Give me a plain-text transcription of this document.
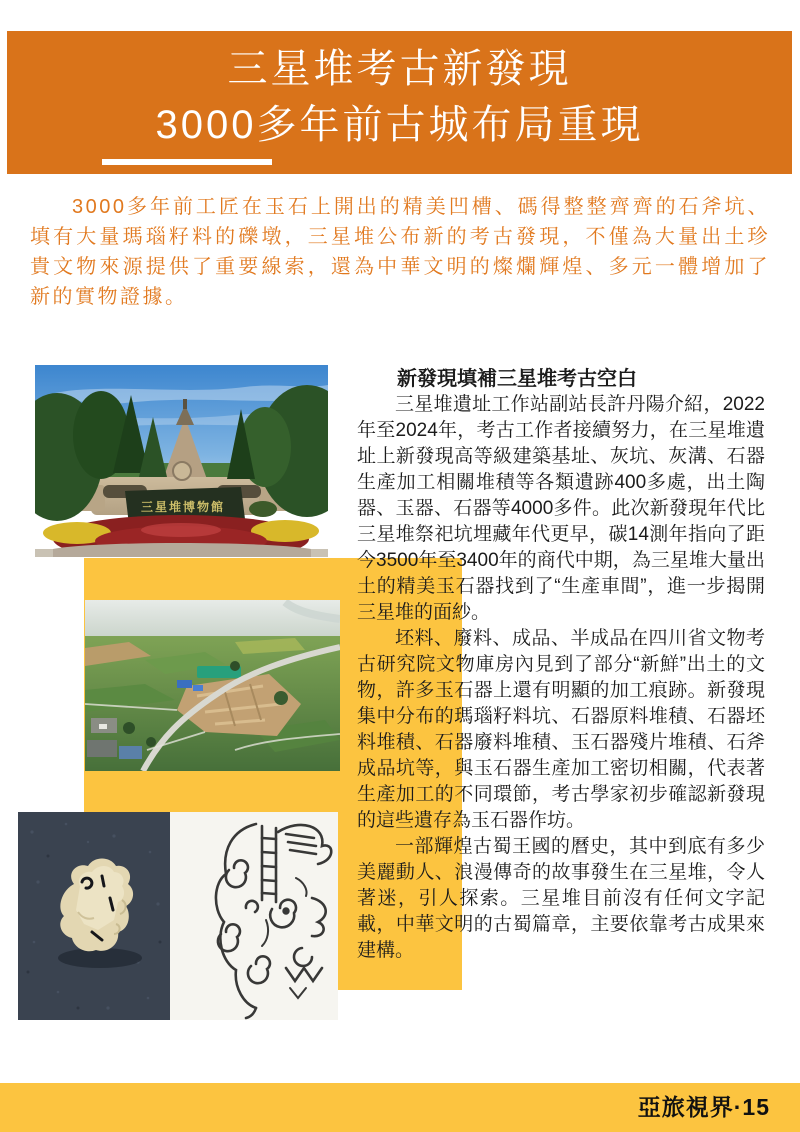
三星堆考古新發現
3000多年前古城布局重現
3000多年前工匠在玉石上開出的精美凹槽、碼得整整齊齊的石斧坑、填有大量瑪瑙籽料的礫墩，三星堆公布新的考古發現，不僅為大量出土珍貴文物來源提供了重要線索，還為中華文明的燦爛輝煌、多元一體增加了新的實物證據。
新發現填補三星堆考古空白

三星堆遺址工作站副站長許丹陽介紹，2022年至2024年，考古工作者接續努力，在三星堆遺址上新發現高等級建築基址、灰坑、灰溝、石器生產加工相關堆積等各類遺跡400多處，出土陶器、玉器、石器等4000多件。此次新發現年代比三星堆祭祀坑埋藏年代更早，碳14測年指向了距今3500年至3400年的商代中期，為三星堆大量出土的精美玉石器找到了“生產車間”，進一步揭開三星堆的面紗。

坯料、廢料、成品、半成品在四川省文物考古研究院文物庫房內見到了部分“新鮮”出土的文物，許多玉石器上還有明顯的加工痕跡。新發現集中分布的瑪瑙籽料坑、石器原料堆積、石器坯料堆積、石器廢料堆積、玉石器殘片堆積、石斧成品坑等，與玉石器生產加工密切相關，代表著生產加工的不同環節，考古學家初步確認新發現的這些遺存為玉石器作坊。

一部輝煌古蜀王國的曆史，其中到底有多少美麗動人、浪漫傳奇的故事發生在三星堆，令人著迷，引人探索。三星堆目前沒有任何文字記載，中華文明的古蜀篇章，主要依靠考古成果來建構。

三星堆博物館
亞旅視界·15
